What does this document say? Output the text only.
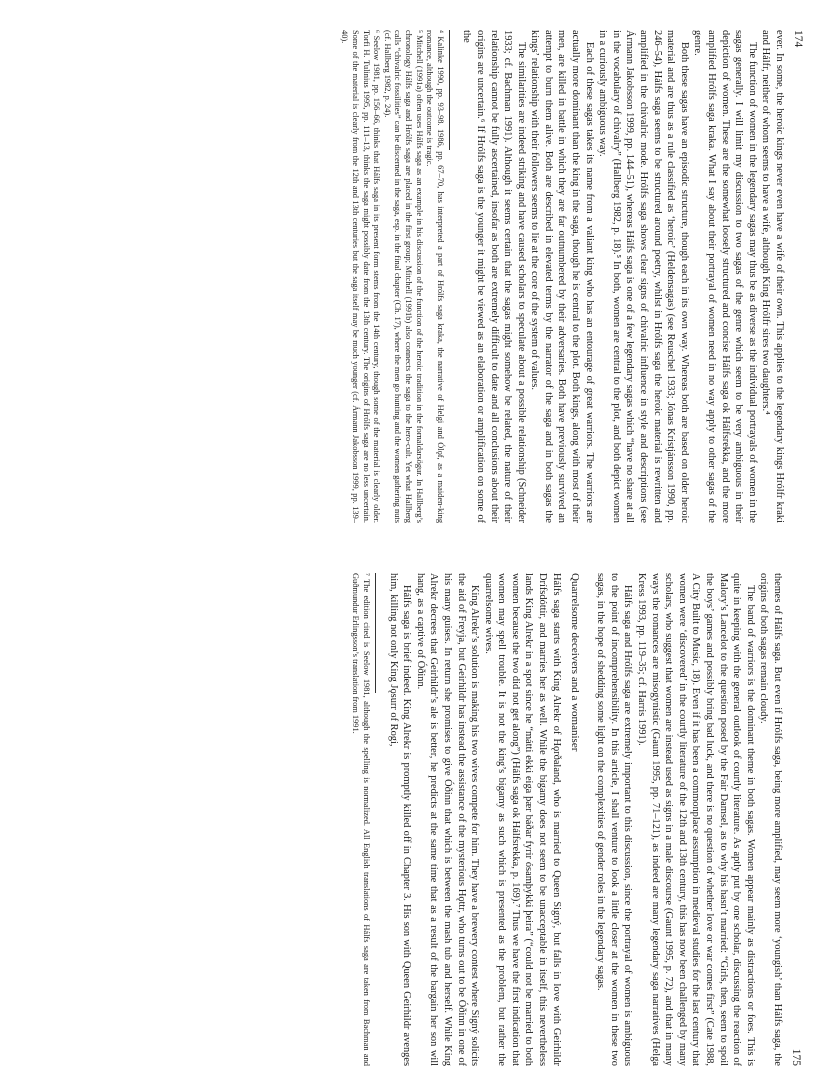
174

ever. In some, the heroic kings never even have a wife of their own. This applies to the legendary kings Hrólfr kraki and Hálfr, neither of whom seems to have a wife, although King Hrólfr sires two daughters.⁴

The function of women in the legendary sagas may thus be as diverse as the individual portrayals of women in the sagas generally. I will limit my discussion to two sagas of the genre which seem to be very ambiguous in their depiction of women. These are the somewhat loosely structured and concise Hálfs saga ok Hálfsrekka, and the more amplified Hrólfs saga kraka. What I say about their portrayal of women need in no way apply to other sagas of the genre.

Both these sagas have an episodic structure, though each in its own way. Whereas both are based on older heroic material and are thus as a rule classified as ‘heroic’ (Heldensagas) (see Reuschel 1933; Jónas Kristjánsson 1990, pp. 246–54), Hálfs saga seems to be structured around poetry, whilst in Hrólfs saga the heroic material is rewritten and amplified in the chivalric mode. Hrólfs saga shows clear signs of chivalric influence in style and descriptions (see Ármann Jakobsson 1999, pp. 144–51), whereas Hálfs saga is one of a few legendary sagas which “have no share at all in the vocabulary of chivalry” (Hallberg 1982, p. 18).⁵ In both, women are central to the plot, and both depict women in a curiously ambiguous way.

Each of these sagas takes its name from a valiant king who has an entourage of great warriors. The warriors are actually more dominant than the king in the saga, though he is central to the plot. Both kings, along with most of their men, are killed in battle in which they are far outnumbered by their adversaries. Both have previously survived an attempt to burn them alive. Both are described in elevated terms by the narrator of the saga and in both sagas the kings’ relationship with their followers seems to lie at the core of the system of values.

The similarities are indeed striking and have caused scholars to speculate about a possible relationship (Schneider 1933; cf. Bachman 1991). Although it seems certain that the sagas might somehow be related, the nature of their relationship cannot be fully ascertained, insofar as both are extremely difficult to date and all conclusions about their origins are uncertain.⁶ If Hrólfs saga is the younger it might be viewed as an elaboration or amplification on some of the

⁴ Kalinke 1990, pp. 93–98. 1986, pp. 67–70, has interpreted a part of Hrólfs saga kraka, the narrative of Helgi and Ólǫf, as a maiden-king romance, although the outcome is tragic.

⁵ Mitchell (1991a) often uses Hálfs saga as an example in his discussion of the function of the heroic tradition in the fornaldarsögur. In Hallberg’s chronology Hálfs saga and Hrólfs saga are placed in the first group; Mitchell (1991b) also connects the saga to the hero-cult. Yet what Hallberg calls “chivalric fossilities” can be discerned in the saga, esp. in the final chapter (Ch. 17), where the men go hunting and the women gathering nuts (cf. Hallberg 1982, p. 24).

⁶ Seelow 1981, pp. 156–66, thinks that Hálfs saga in its present form stems from the 14th century, though some of the material is clearly older. Torfi H. Tulinius 1995, pp. 111–13, thinks the saga might possibly date from the 13th century. The origins of Hrólfs saga are no less uncertain. Some of the material is clearly from the 12th and 13th centuries but the saga itself may be much younger (cf. Ármann Jakobsson 1999, pp. 139–40).

175

themes of Hálfs saga. But even if Hrólfs saga, being more amplified, may seem more ‘youngish’ than Hálfs saga, the origins of both sagas remain cloudy.

The band of warriors is the dominant theme in both sagas. Women appear mainly as distractions or foes. This is quite in keeping with the general outlook of courtly literature. As aptly put by one scholar, discussing the reaction of Malory’s Lancelot to the question posed by the Fair Damsel, as to why his hasn’t married: “Girls, then, seem to spoil the boys’ games and possibly bring bad luck, and there is no question of whether love or war comes first” (Cate 1988, A City Built to Music, 18). Even if it has been a commonplace assumption in medieval studies for the last century that women were ‘discovered’ in the courtly literature of the 12th and 13th century, this has now been challenged by many scholars, who suggest that women are instead used as signs in a male discourse (Gaunt 1995, p. 72), and that in many ways the romances are misogynistic (Gaunt 1995, pp. 71–121), as indeed are many legendary saga narratives (Helga Kress 1993, pp. 119–35; cf. Harris 1991).

Hálfs saga and Hrólfs saga are extremely important to this discussion, since the portrayal of women is ambiguous to the point of incomprehensibility. In this article, I shall venture to look a little closer at the women in these two sagas, in the hope of shedding some light on the complexities of gender roles in the legendary sagas.

Quarrelsome deceivers and a womaniser

Hálfs saga starts with King Alrekr of Hǫrðaland, who is married to Queen Signý, but falls in love with Geirhildr Drífsdóttir, and marries her as well. While the bigamy does not seem to be unacceptable in itself, this nevertheless lands King Alrekr in a spot since he “mátti ekki eiga þær báðar fyrir ósamþykki þeira” (“could not be married to both women because the two did not get along”) (Hálfs saga ok Hálfsrekka, p. 169).⁷ Thus we have the first indication that women may spell trouble. It is not the king’s bigamy as such which is presented as the problem, but rather the quarrelsome wives.

King Alrekr’s solution is making his two wives compete for him. They have a brewery contest where Signý solicits the aid of Freyja, but Geirhildr has instead the assistance of the mysterious Hǫttr, who turns out to be Óðinn in one of his many guises. In return she promises to give Óðinn that which is between the mash tub and herself. While King Alrekr decrees that Geirhildr’s ale is better, he predicts at the same time that as a result of the bargain her son will hang, as a captive of Óðinn.

Hálfs saga is brief indeed. King Alrekr is promptly killed off in Chapter 3. His son with Queen Geirhildr avenges him, killing not only King Jǫsurr of Rogi,

⁷ The edition cited is Seelow 1981, although the spelling is normalized. All English translations of Hálfs saga are taken from Bachman and Guðmundur Erlingsson’s translation from 1991.
